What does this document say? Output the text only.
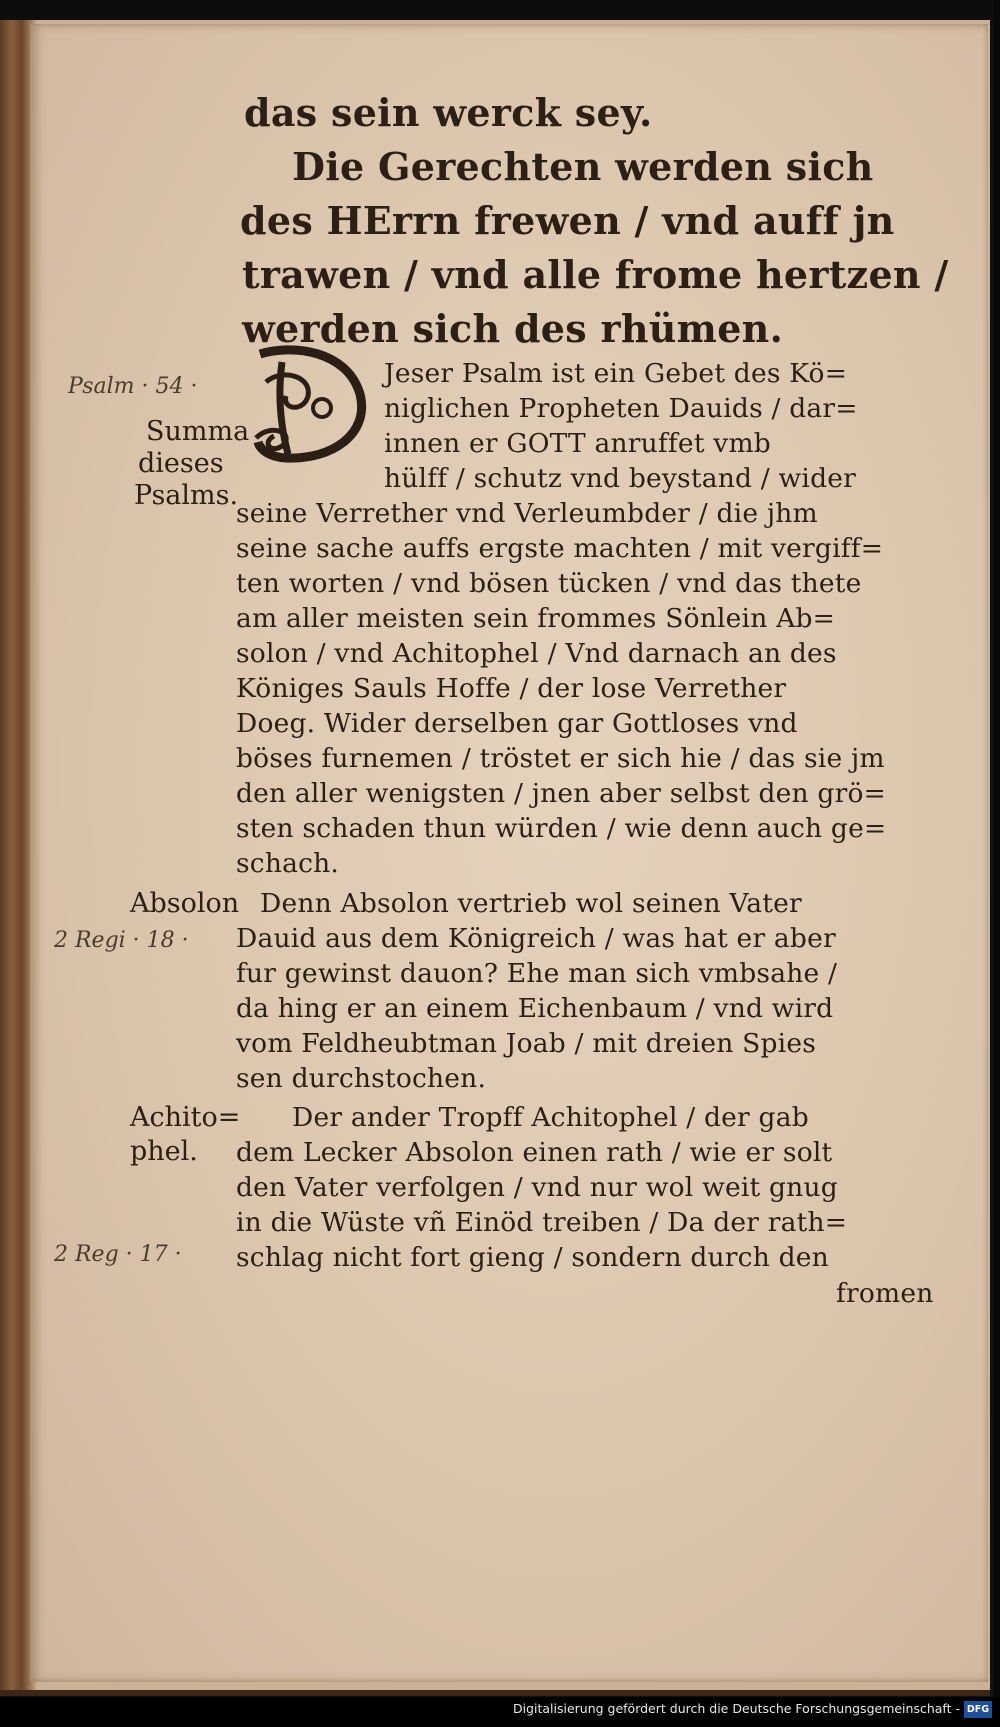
das sein werck sey.
Die Gerechten werden sich
des HErrn frewen / vnd auff jn
trawen / vnd alle frome hertzen /
werden sich des rhümen.
D
Jeser Psalm ist ein Gebet des Kö=
niglichen Propheten Dauids / dar=
innen er GOTT anruffet vmb
hülff / schutz vnd beystand / wider
seine Verrether vnd Verleumbder / die jhm
seine sache auffs ergste machten / mit vergiff=
ten worten / vnd bösen tücken / vnd das thete
am aller meisten sein frommes Sönlein Ab=
solon / vnd Achitophel / Vnd darnach an des
Königes Sauls Hoffe / der lose Verrether
Doeg. Wider derselben gar Gottloses vnd
böses furnemen / tröstet er sich hie / das sie jm
den aller wenigsten / jnen aber selbst den grö=
sten schaden thun würden / wie denn auch ge=
schach.
Denn Absolon vertrieb wol seinen Vater
Dauid aus dem Königreich / was hat er aber
fur gewinst dauon? Ehe man sich vmbsahe /
da hing er an einem Eichenbaum / vnd wird
vom Feldheubtman Joab / mit dreien Spies
sen durchstochen.
Der ander Tropff Achitophel / der gab
dem Lecker Absolon einen rath / wie er solt
den Vater verfolgen / vnd nur wol weit gnug
in die Wüste vñ Einöd treiben / Da der rath=
schlag nicht fort gieng / sondern durch den
fromen
Psalm · 54 ·
Summa
dieses
Psalms.
Absolon
2 Regi · 18 ·
Achito=
phel.
2 Reg · 17 ·
Digitalisierung gefördert durch die Deutsche Forschungsgemeinschaft - DFG
